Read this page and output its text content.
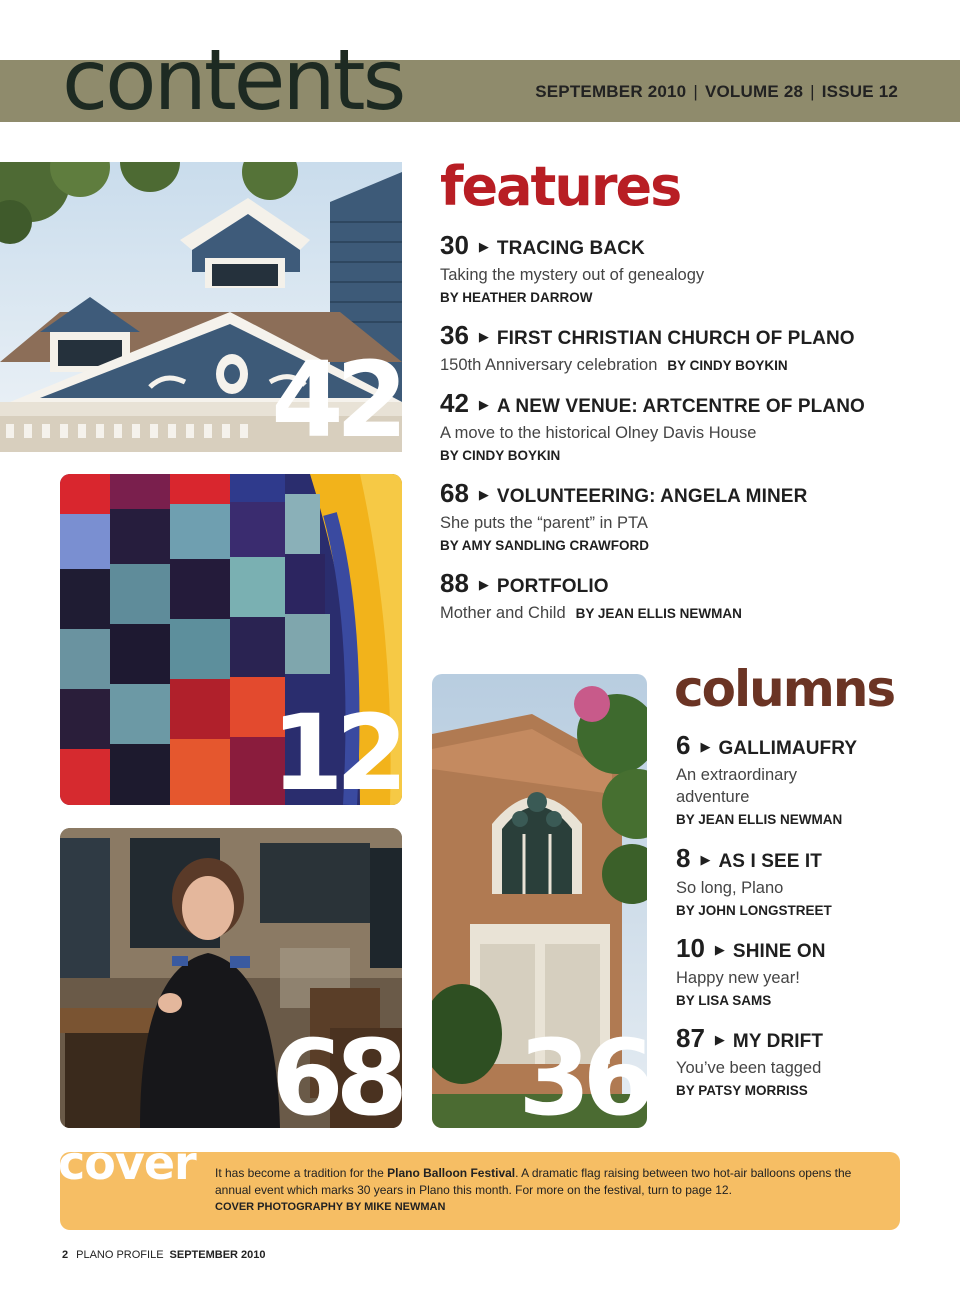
contents	SEPTEMBER 2010 | VOLUME 28 | ISSUE 12
42
12
68 36
features
30 ▶ TRACING BACK
Taking the mystery out of genealogy
BY HEATHER DARROW
36 ▶ FIRST CHRISTIAN CHURCH OF PLANO
150th Anniversary celebration BY CINDY BOYKIN
42 ▶ A NEW VENUE: ARTCENTRE OF PLANO
A move to the historical Olney Davis House
BY CINDY BOYKIN
68 ▶ VOLUNTEERING: ANGELA MINER
She puts the “parent” in PTA
BY AMY SANDLING CRAWFORD
88 ▶ PORTFOLIO
Mother and Child BY JEAN ELLIS NEWMAN
columns
6 ▶ GALLIMAUFRY
An extraordinary
adventure
BY JEAN ELLIS NEWMAN
8 ▶ AS I SEE IT
So long, Plano
BY JOHN LONGSTREET
10 ▶ SHINE ON
Happy new year!
BY LISA SAMS
87 ▶ MY DRIFT
You’ve been tagged
BY PATSY MORRISS
cover It has become a tradition for the Plano Balloon Festival. A dramatic flag raising between two hot-air balloons opens the annual event which marks 30 years in Plano this month. For more on the festival, turn to page 12.
COVER PHOTOGRAPHY BY MIKE NEWMAN
2 PLANO PROFILE SEPTEMBER 2010
